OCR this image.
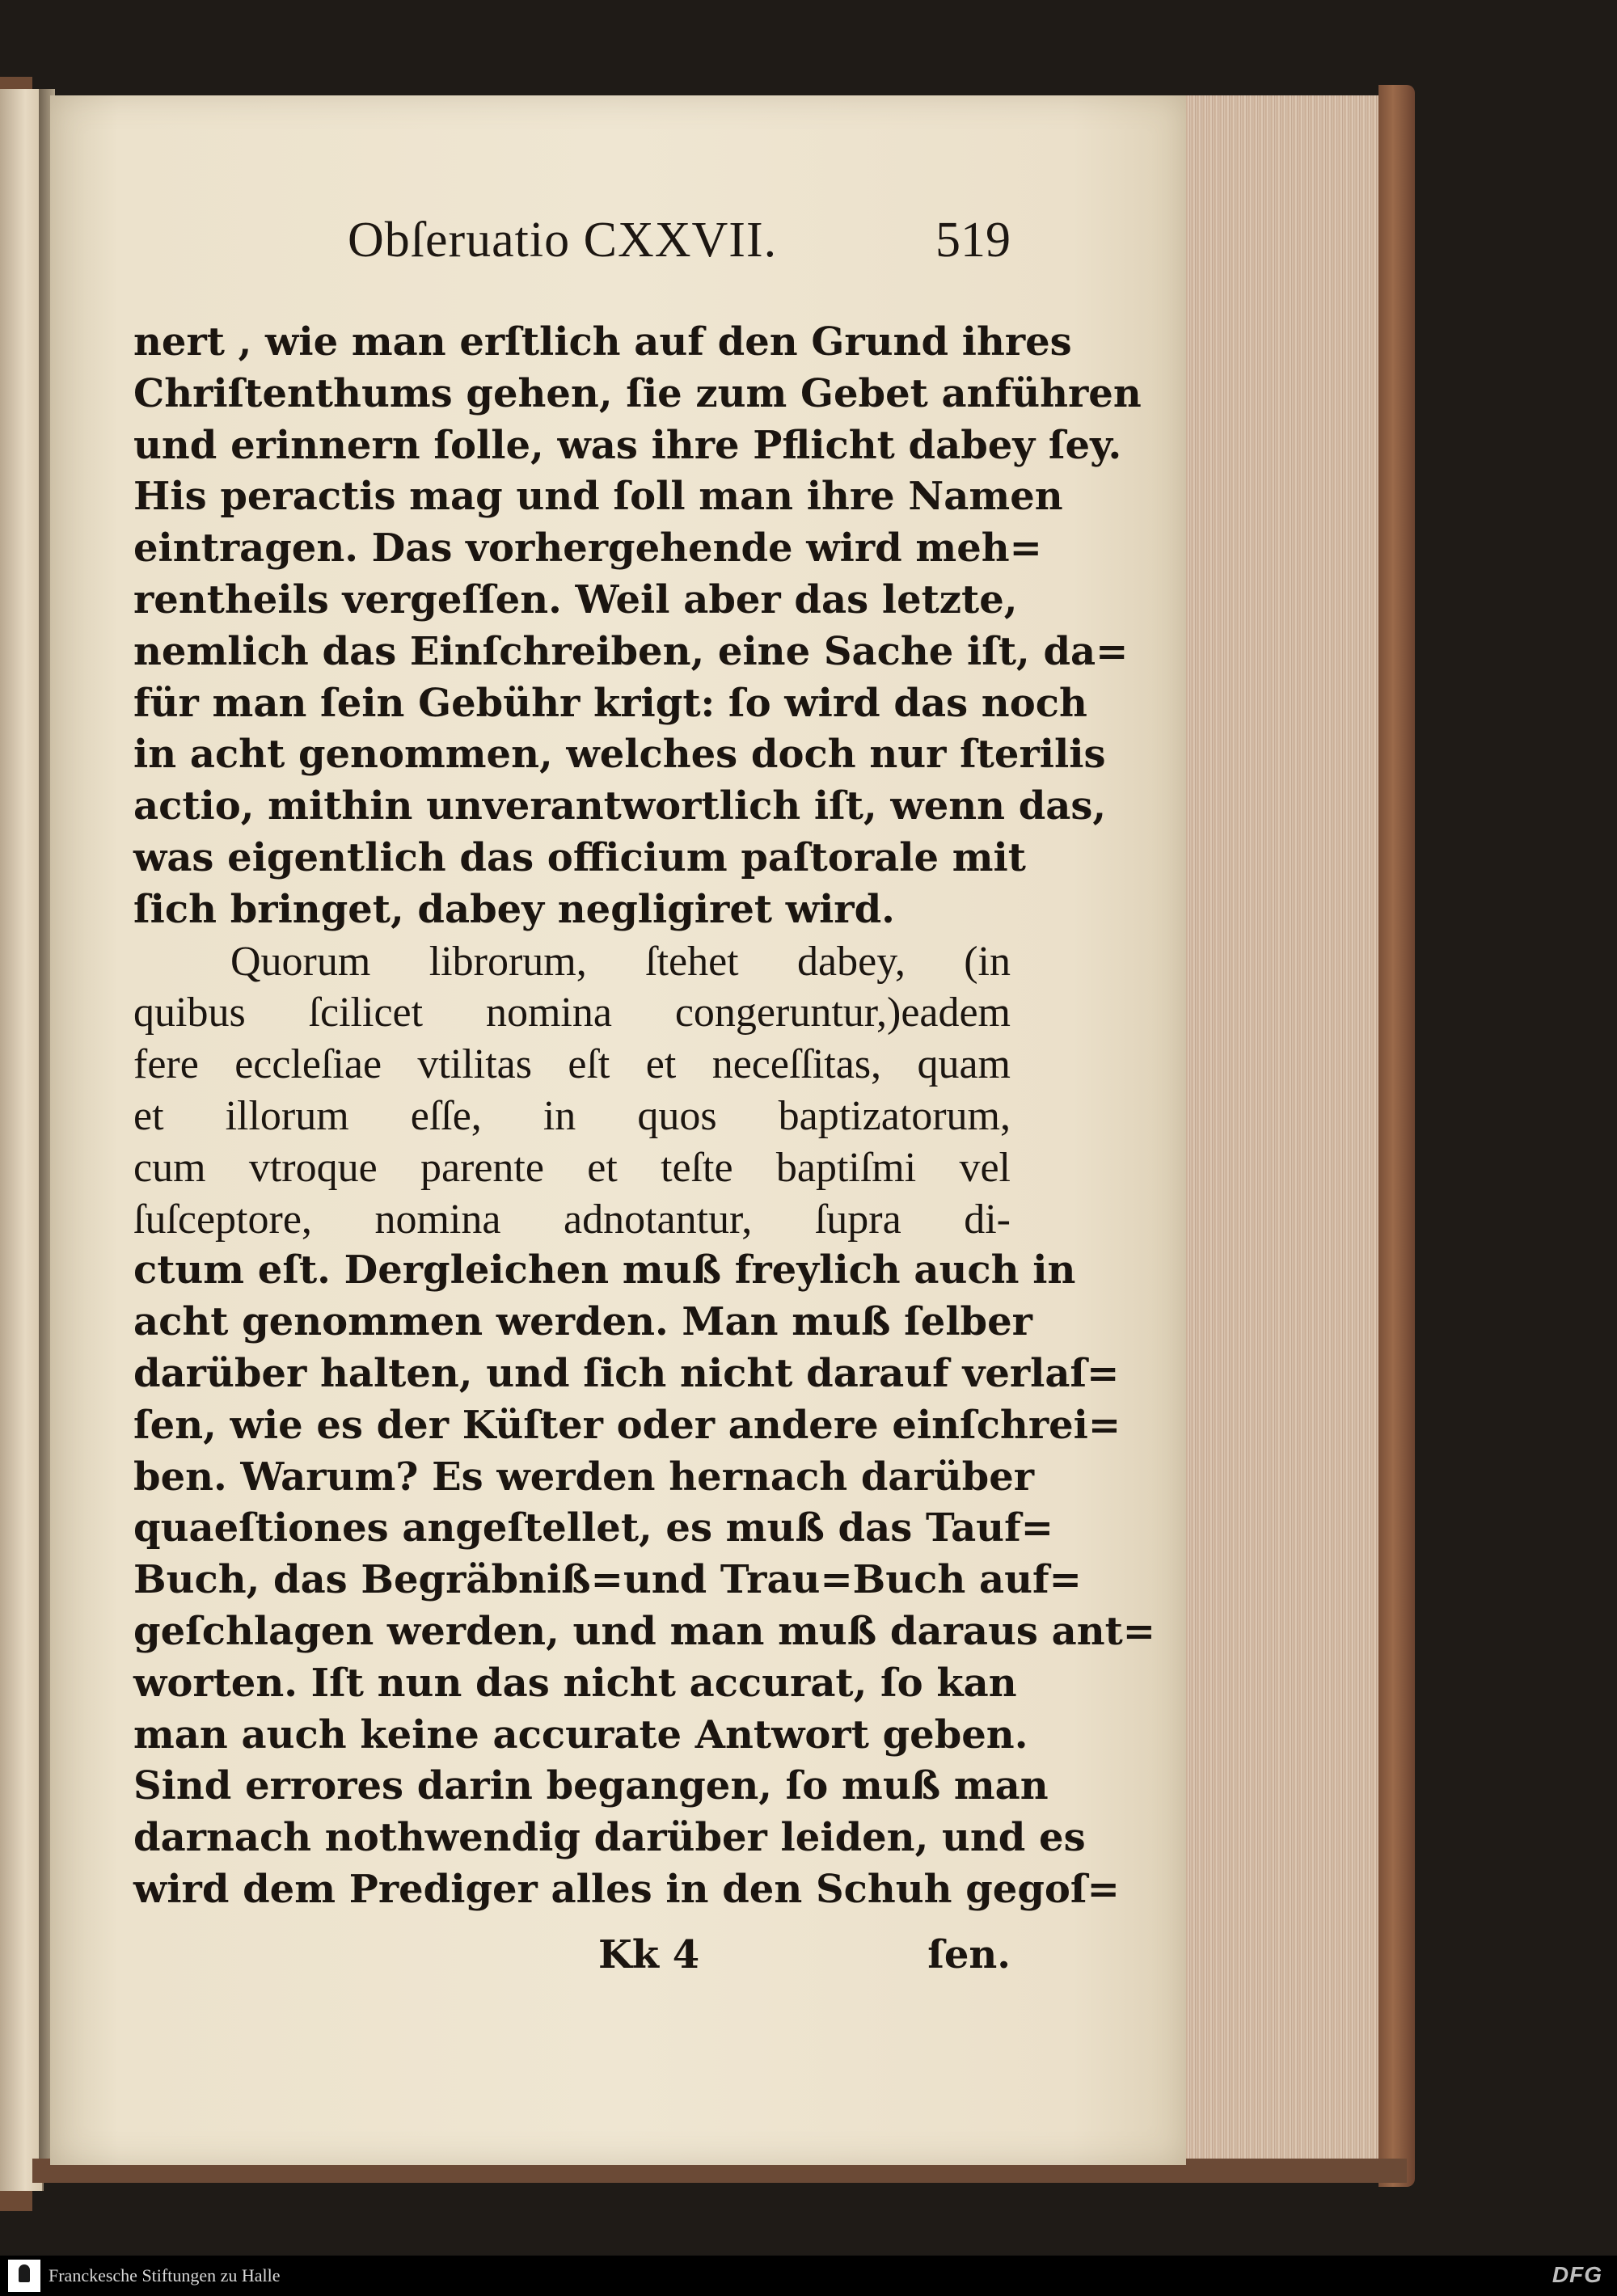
Obſeruatio CXXVII.	519
nert , wie man erſtlich auf den Grund ihres
Chriſtenthums gehen, ſie zum Gebet anführen
und erinnern ſolle, was ihre Pflicht dabey ſey.
His peractis mag und ſoll man ihre Namen
eintragen. Das vorhergehende wird meh=
rentheils vergeſſen. Weil aber das letzte,
nemlich das Einſchreiben, eine Sache iſt, da=
für man ſein Gebühr krigt: ſo wird das noch
in acht genommen, welches doch nur ſterilis
actio, mithin unverantwortlich iſt, wenn das,
was eigentlich das officium paſtorale mit
ſich bringet, dabey negligiret wird.
Quorum librorum, ſtehet dabey, (in
quibus ſcilicet nomina congeruntur,)eadem
fere eccleſiae vtilitas eſt et neceſſitas, quam
et illorum eſſe, in quos baptizatorum,
cum vtroque parente et teſte baptiſmi vel
ſuſceptore, nomina adnotantur, ſupra di-
ctum eſt. Dergleichen muß freylich auch in
acht genommen werden. Man muß ſelber
darüber halten, und ſich nicht darauf verlaſ=
ſen, wie es der Küſter oder andere einſchrei=
ben. Warum? Es werden hernach darüber
quaeſtiones angeſtellet, es muß das Tauf=
Buch, das Begräbniß=und Trau=Buch auf=
geſchlagen werden, und man muß daraus ant=
worten. Iſt nun das nicht accurat, ſo kan
man auch keine accurate Antwort geben.
Sind errores darin begangen, ſo muß man
darnach nothwendig darüber leiden, und es
wird dem Prediger alles in den Schuh gegoſ=
Kk 4	ſen.
Franckesche Stiftungen zu Halle	DFG
